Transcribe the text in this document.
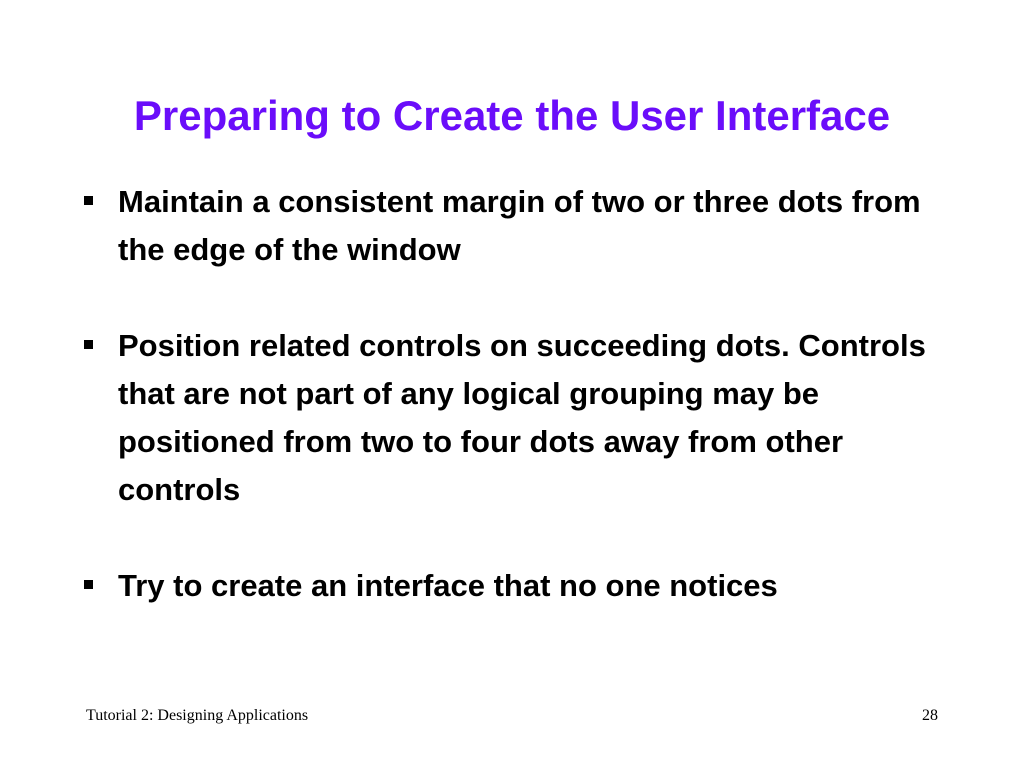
Preparing to Create the User Interface
Maintain a consistent margin of two or three dots from the edge of the window
Position related controls on succeeding dots. Controls that are not part of any logical grouping may be positioned from two to four dots away from other controls
Try to create an interface that no one notices
Tutorial 2: Designing Applications	28
